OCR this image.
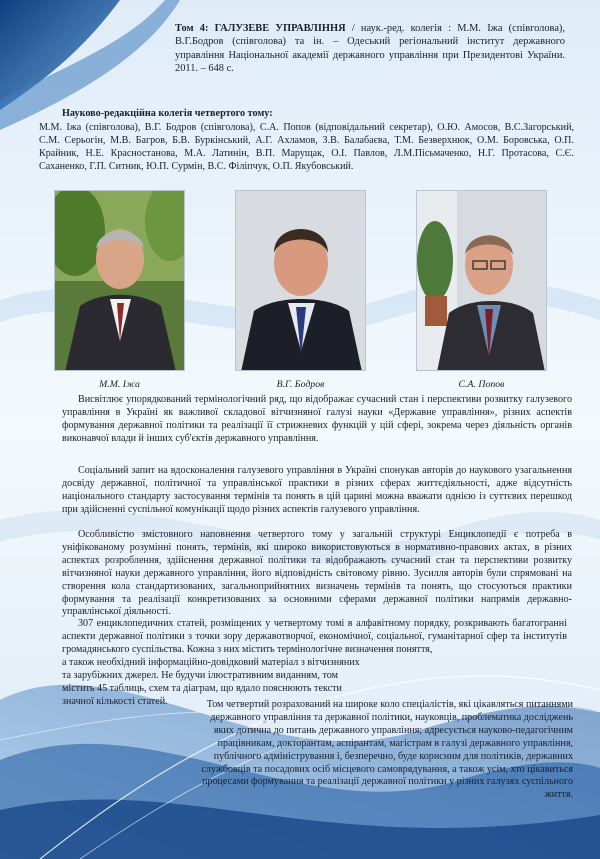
Том 4: ГАЛУЗЕВЕ УПРАВЛІННЯ / наук.-ред. колегія : М.М. Іжа (співголова), В.Г.Бодров (співголова) та ін. – Одеський регіональний інститут державного управління Національної академії державного управління при Президентові України. 2011. – 648 с.
Науково-редакційна колегія четвертого тому:
М.М. Іжа (співголова), В.Г. Бодров (співголова), С.А. Попов (відповідальний секретар), О.Ю. Амосов, В.С.Загорський, С.М. Серьогін, М.В. Багров, Б.В. Буркінський, А.Г. Ахламов, З.В. Балабаєва, Т.М. Безверхнюк, О.М. Боровська, О.П. Крайник, Н.Е. Красностанова, М.А. Латинін, В.П. Марущак, О.І. Павлов, Л.М.Пісьмаченко, Н.Г. Протасова, С.Є. Саханенко, Г.П. Ситник, Ю.П. Сурмін, В.С. Філіпчук, О.П. Якубовський.
М.М. Іжа	В.Г. Бодров	С.А. Попов
Висвітлює упорядкований термінологічний ряд, що відображає сучасний стан і перспективи розвитку галузевого управління в Україні як важливої складової вітчизняної галузі науки «Державне управління», різних аспектів формування державної політики та реалізації її стрижневих функцій у цій сфері, зокрема через діяльність органів виконавчої влади й інших суб'єктів державного управління.
Соціальний запит на вдосконалення галузевого управління в Україні спонукав авторів до наукового узагальнення досвіду державної, політичної та управлінської практики в різних сферах життєдіяльності, адже відсутність національного стандарту застосування термінів та понять в цій царині можна вважати однією із суттєвих перешкод при здійсненні суспільної комунікації щодо різних аспектів галузевого управління.
Особливістю змістовного наповнення четвертого тому у загальній структурі Енциклопедії є потреба в уніфікованому розумінні понять, термінів, які широко використовуються в нормативно-правових актах, в різних аспектах розроблення, здійснення державної політики та відображають сучасний стан та перспективи розвитку вітчизняної науки державного управління, його відповідність світовому рівню. Зусилля авторів були спрямовані на створення кола стандартизованих, загальноприйнятних визначень термінів та понять, що стосуються практики формування та реалізації конкретизованих за основними сферами державної політики напрямів державно-управлінської діяльності.
307 енциклопедичних статей, розміщених у четвертому томі в алфавітному порядку, розкривають багатогранні аспекти державної політики з точки зору державотворчої, економічної, соціальної, гуманітарної сфер та інститутів громадянського суспільства. Кожна з них містить термінологічне визначення поняття,
а також необхідний інформаційно-довідковий матеріал з вітчизняних та зарубіжних джерел. Не будучи ілюстративним виданням, том містить 45 таблиць, схем та діаграм, що вдало пояснюють тексти значної кількості статей.	Том четвертий розрахований на широке коло спеціалістів, які цікавляться питаннями державного управління та державної політики, науковців, проблематика досліджень яких дотична до питань державного управління; адресується науково-педагогічним працівникам, докторантам, аспірантам, магістрам в галузі державного управління, публічного адміністрування і, безперечно, буде корисним для політиків, державних службовців та посадових осіб місцевого самоврядування, а також усім, хто цікавиться процесами формування та реалізації державної політики у різних галузях суспільного життя.
